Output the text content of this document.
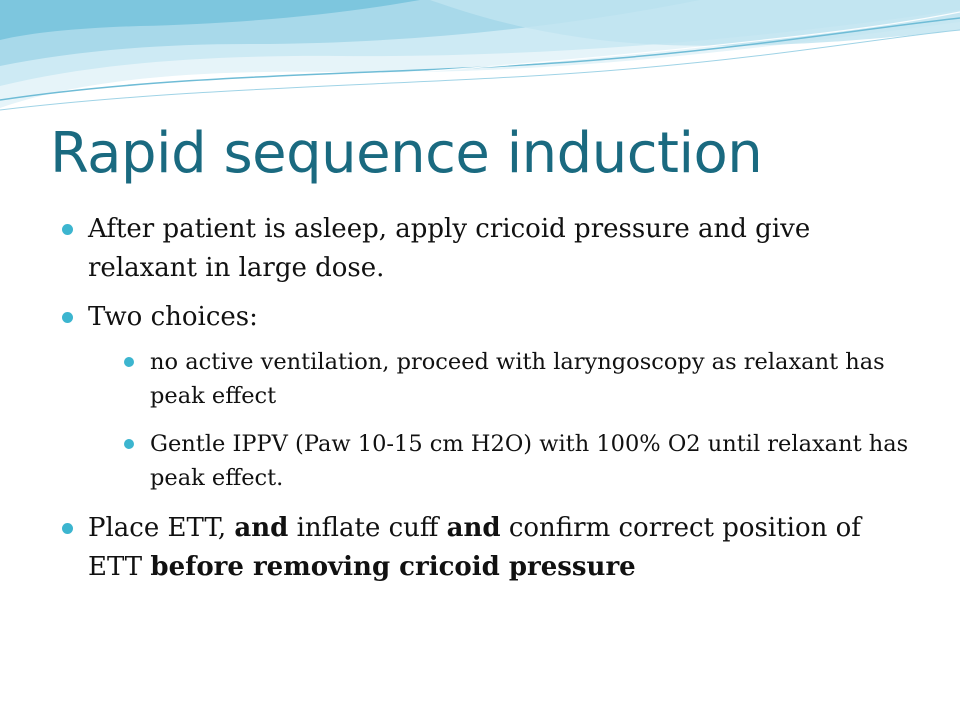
Rapid sequence induction
After patient is asleep, apply cricoid pressure and give relaxant in large dose.
Two choices:
no active ventilation, proceed with laryngoscopy as relaxant has peak effect
Gentle IPPV (Paw 10-15 cm H2O) with 100% O2 until relaxant has peak effect.
Place ETT, and inflate cuff and confirm correct position of ETT before removing cricoid pressure
